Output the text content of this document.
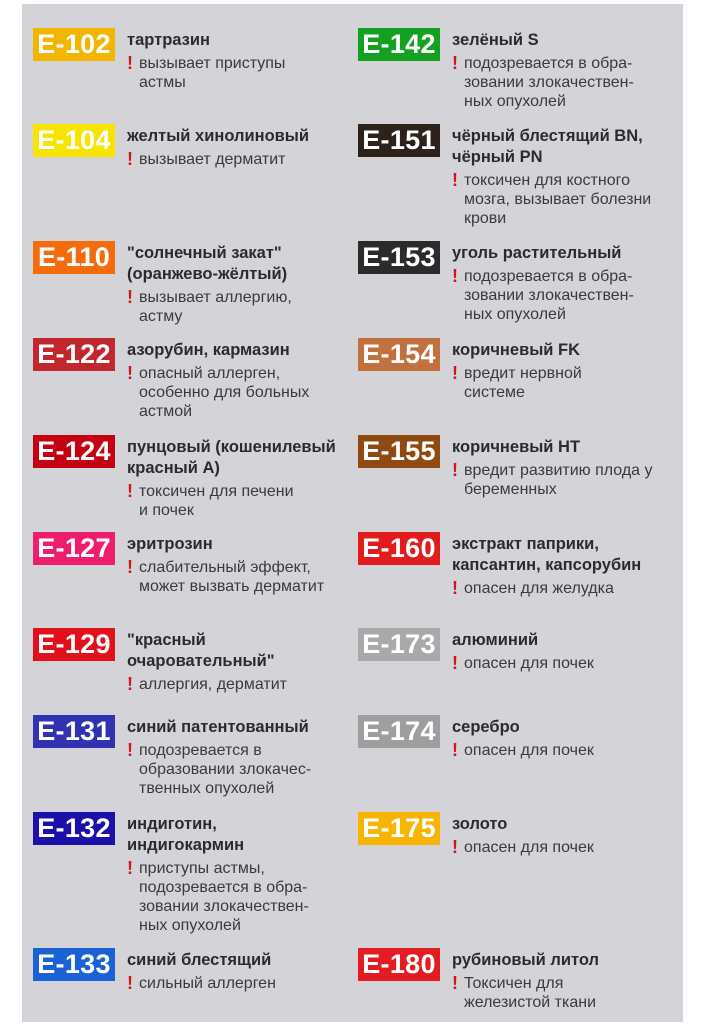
E-102 тартразин
! вызывает приступы
астмы
E-104 желтый хинолиновый
! вызывает дерматит
E-110	"солнечный закат"
(оранжево-жёлтый)
! вызывает аллергию,
астму
E-122 азорубин, кармазин
! опасный аллерген,
особенно для больных
астмой
E-124 пунцовый (кошенилевый
красный А)
! токсичен для печени
и почек
E-127 эритрозин
! слабительный эффект,
может вызвать дерматит
E-129 "красный
очаровательный"
! аллергия, дерматит
E-131 синий патентованный
! подозревается в
образовании злокачес-
твенных опухолей
E-132 индиготин,
индигокармин
! приступы астмы,
подозревается в обра-
зовании злокачествен-
ных опухолей
E-133 синий блестящий
! сильный аллерген
E-142 зелёный S
! подозревается в обра-
зовании злокачествен-
ных опухолей
E-151 чёрный блестящий BN,
чёрный PN
! токсичен для костного
мозга, вызывает болезни
крови
E-153 уголь растительный
! подозревается в обра-
зовании злокачествен-
ных опухолей
E-154 коричневый FK
! вредит нервной
системе
E-155 коричневый HT
! вредит развитию плода у
беременных
E-160 экстракт паприки,
капсантин, капсорубин
! опасен для желудка
E-173 алюминий
! опасен для почек
E-174 серебро
! опасен для почек
E-175 золото
! опасен для почек
E-180 рубиновый литол
! Токсичен для
железистой ткани
